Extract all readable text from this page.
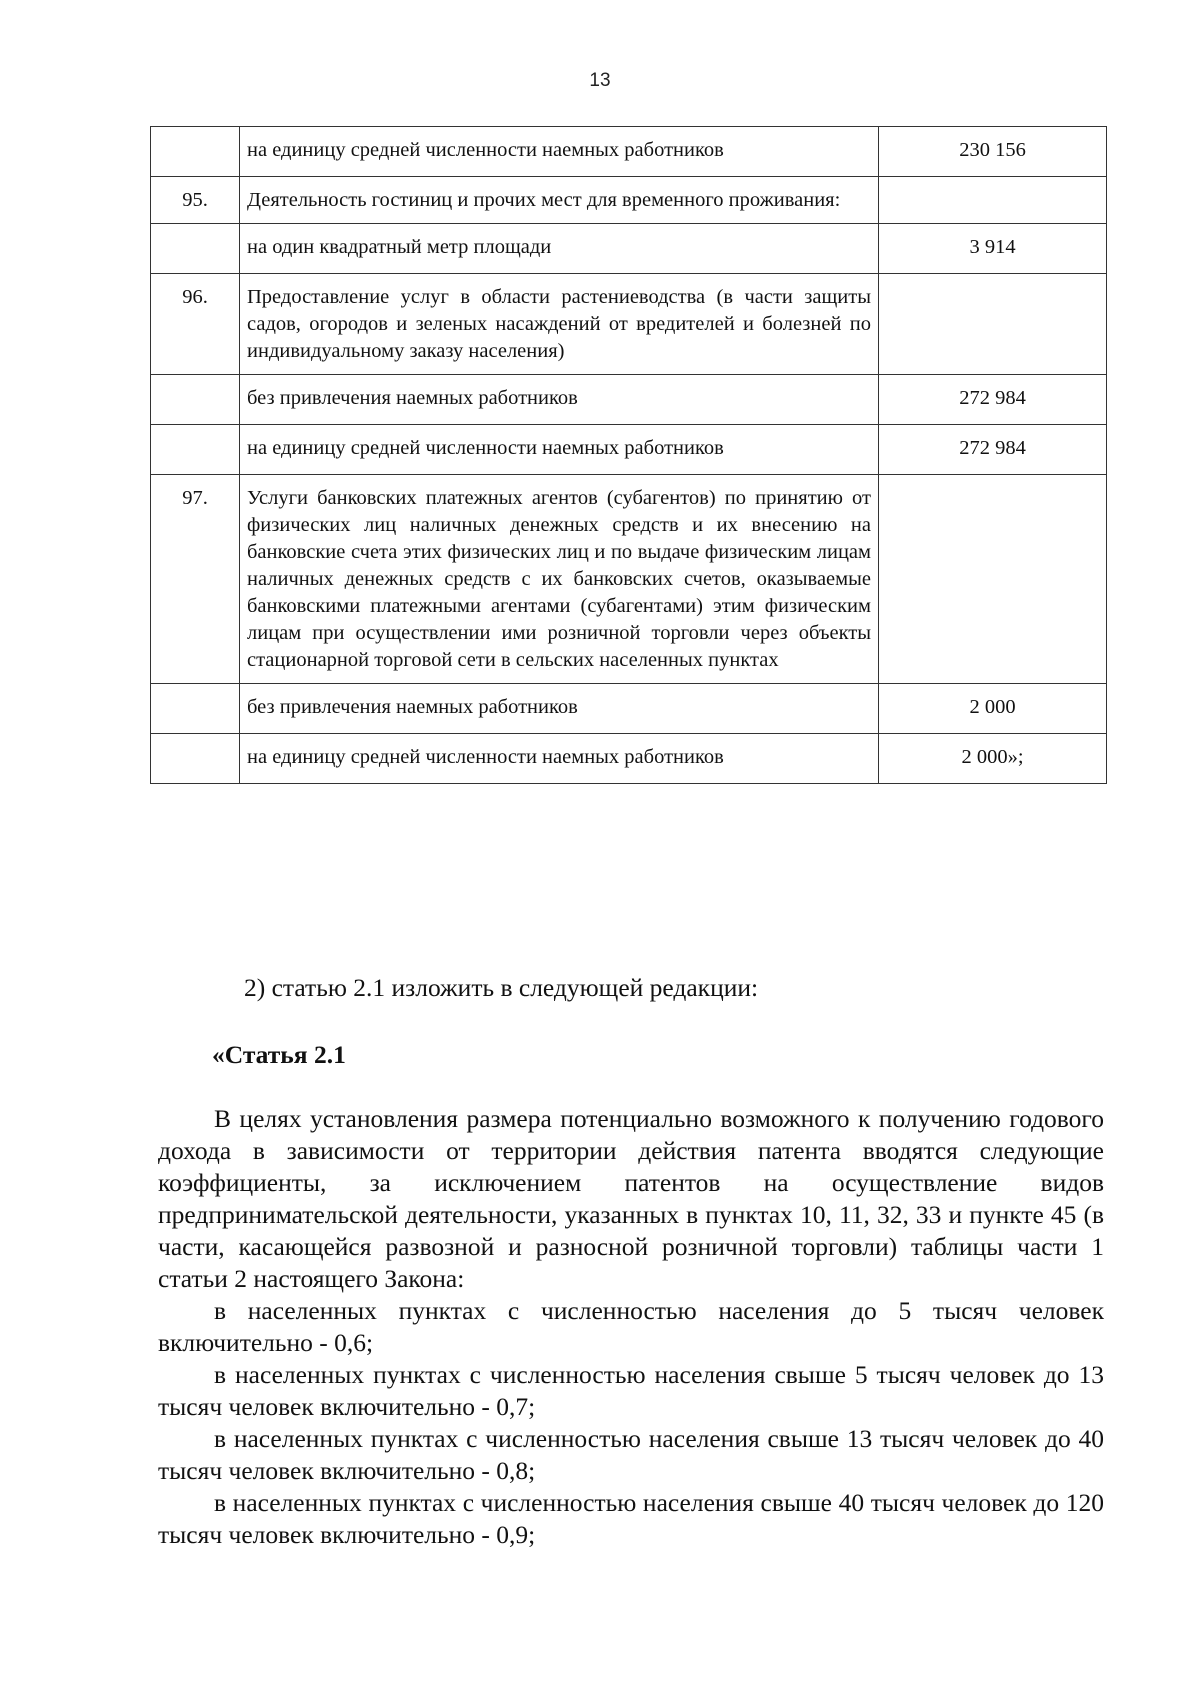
13
	на единицу средней численности наемных работников	230 156
95.	Деятельность гостиниц и прочих мест для временного проживания:	
	на один квадратный метр площади	3 914
96.	Предоставление услуг в области растениеводства (в части защиты садов, огородов и зеленых насаждений от вредителей и болезней по индивидуальному заказу населения)	
	без привлечения наемных работников	272 984
	на единицу средней численности наемных работников	272 984
97.	Услуги банковских платежных агентов (субагентов) по принятию от физических лиц наличных денежных средств и их внесению на банковские счета этих физических лиц и по выдаче физическим лицам наличных денежных средств с их банковских счетов, оказываемые банковскими платежными агентами (субагентами) этим физическим лицам при осуществлении ими розничной торговли через объекты стационарной торговой сети в сельских населенных пунктах	
	без привлечения наемных работников	2 000
	на единицу средней численности наемных работников	2 000»;
2) статью 2.1 изложить в следующей редакции:
«Статья 2.1

В целях установления размера потенциально возможного к получению годового дохода в зависимости от территории действия патента вводятся следующие коэффициенты, за исключением патентов на осуществление видов предпринимательской деятельности, указанных в пунктах 10, 11, 32, 33 и пункте 45 (в части, касающейся развозной и разносной розничной торговли) таблицы части 1 статьи 2 настоящего Закона:

в населенных пунктах с численностью населения до 5 тысяч человек включительно - 0,6;

в населенных пунктах с численностью населения свыше 5 тысяч человек до 13 тысяч человек включительно - 0,7;

в населенных пунктах с численностью населения свыше 13 тысяч человек до 40 тысяч человек включительно - 0,8;

в населенных пунктах с численностью населения свыше 40 тысяч человек до 120 тысяч человек включительно - 0,9;
